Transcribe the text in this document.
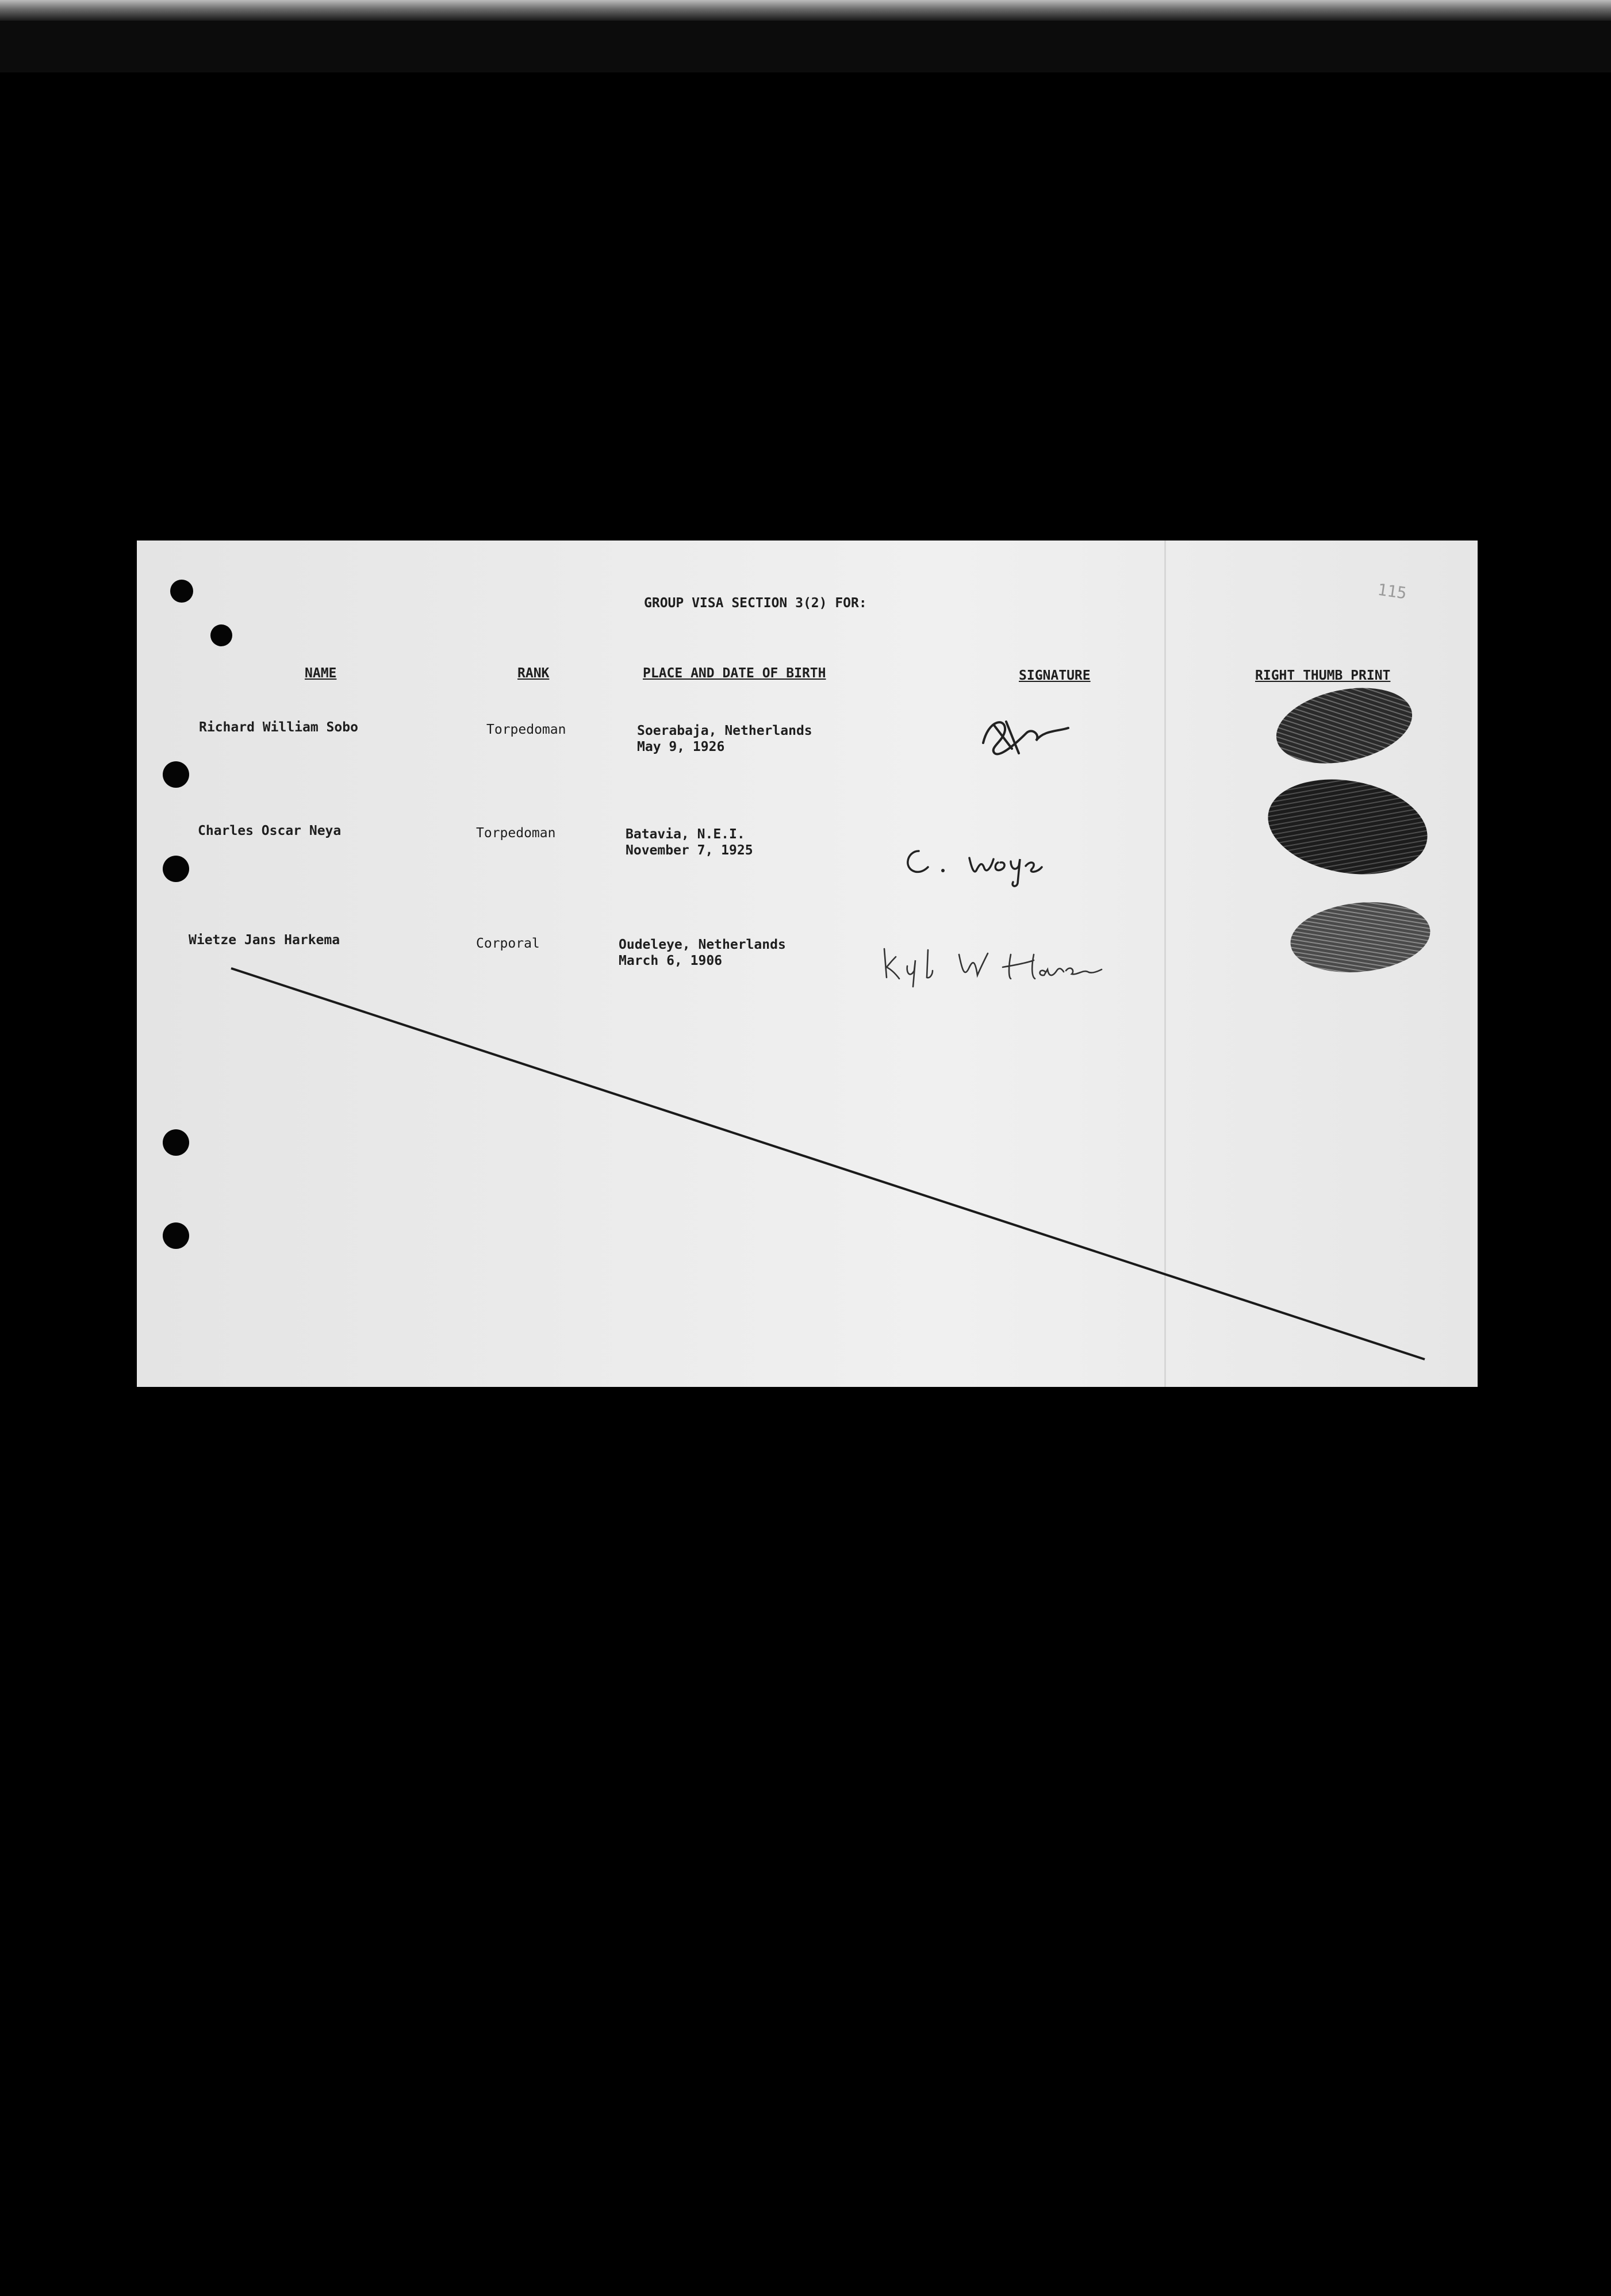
115
GROUP VISA SECTION 3(2) FOR:
NAME	RANK	PLACE AND DATE OF BIRTH	SIGNATURE	RIGHT THUMB PRINT
Richard William Sobo	Torpedoman	Soerabaja, Netherlands
May 9, 1926
Charles Oscar Neya	Torpedoman	Batavia, N.E.I.
November 7, 1925
Wietze Jans Harkema	Corporal	Oudeleye, Netherlands
March 6, 1906
